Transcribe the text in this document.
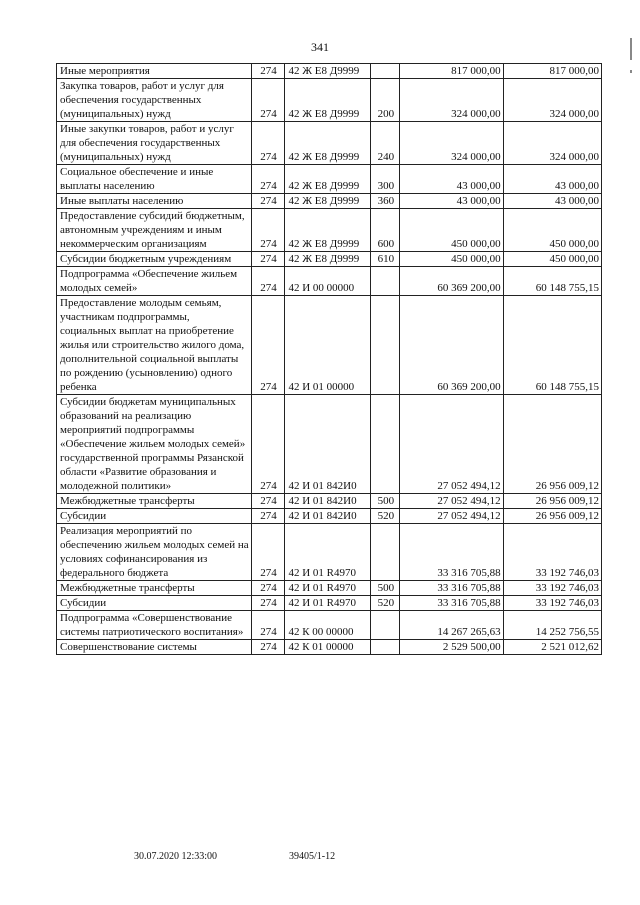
341
Иные мероприятия	274	42 Ж Е8 Д9999		817 000,00	817 000,00
Закупка товаров, работ и услуг для обеспечения государственных (муниципальных) нужд	274	42 Ж Е8 Д9999	200	324 000,00	324 000,00
Иные закупки товаров, работ и услуг для обеспечения государственных (муниципальных) нужд	274	42 Ж Е8 Д9999	240	324 000,00	324 000,00
Социальное обеспечение и иные выплаты населению	274	42 Ж Е8 Д9999	300	43 000,00	43 000,00
Иные выплаты населению	274	42 Ж Е8 Д9999	360	43 000,00	43 000,00
Предоставление субсидий бюджетным, автономным учреждениям и иным некоммерческим организациям	274	42 Ж Е8 Д9999	600	450 000,00	450 000,00
Субсидии бюджетным учреждениям	274	42 Ж Е8 Д9999	610	450 000,00	450 000,00
Подпрограмма «Обеспечение жильем молодых семей»	274	42 И 00 00000		60 369 200,00	60 148 755,15
Предоставление молодым семьям, участникам подпрограммы, социальных выплат на приобретение жилья или строительство жилого дома, дополнительной социальной выплаты по рождению (усыновлению) одного ребенка	274	42 И 01 00000		60 369 200,00	60 148 755,15
Субсидии бюджетам муниципальных образований на реализацию мероприятий подпрограммы «Обеспечение жильем молодых семей» государственной программы Рязанской области «Развитие образования и молодежной политики»	274	42 И 01 842И0		27 052 494,12	26 956 009,12
Межбюджетные трансферты	274	42 И 01 842И0	500	27 052 494,12	26 956 009,12
Субсидии	274	42 И 01 842И0	520	27 052 494,12	26 956 009,12
Реализация мероприятий по обеспечению жильем молодых семей на условиях софинансирования из федерального бюджета	274	42 И 01 R4970		33 316 705,88	33 192 746,03
Межбюджетные трансферты	274	42 И 01 R4970	500	33 316 705,88	33 192 746,03
Субсидии	274	42 И 01 R4970	520	33 316 705,88	33 192 746,03
Подпрограмма «Совершенствование системы патриотического воспитания»	274	42 К 00 00000		14 267 265,63	14 252 756,55
Совершенствование системы	274	42 К 01 00000		2 529 500,00	2 521 012,62
30.07.2020 12:33:00	39405/1-12
